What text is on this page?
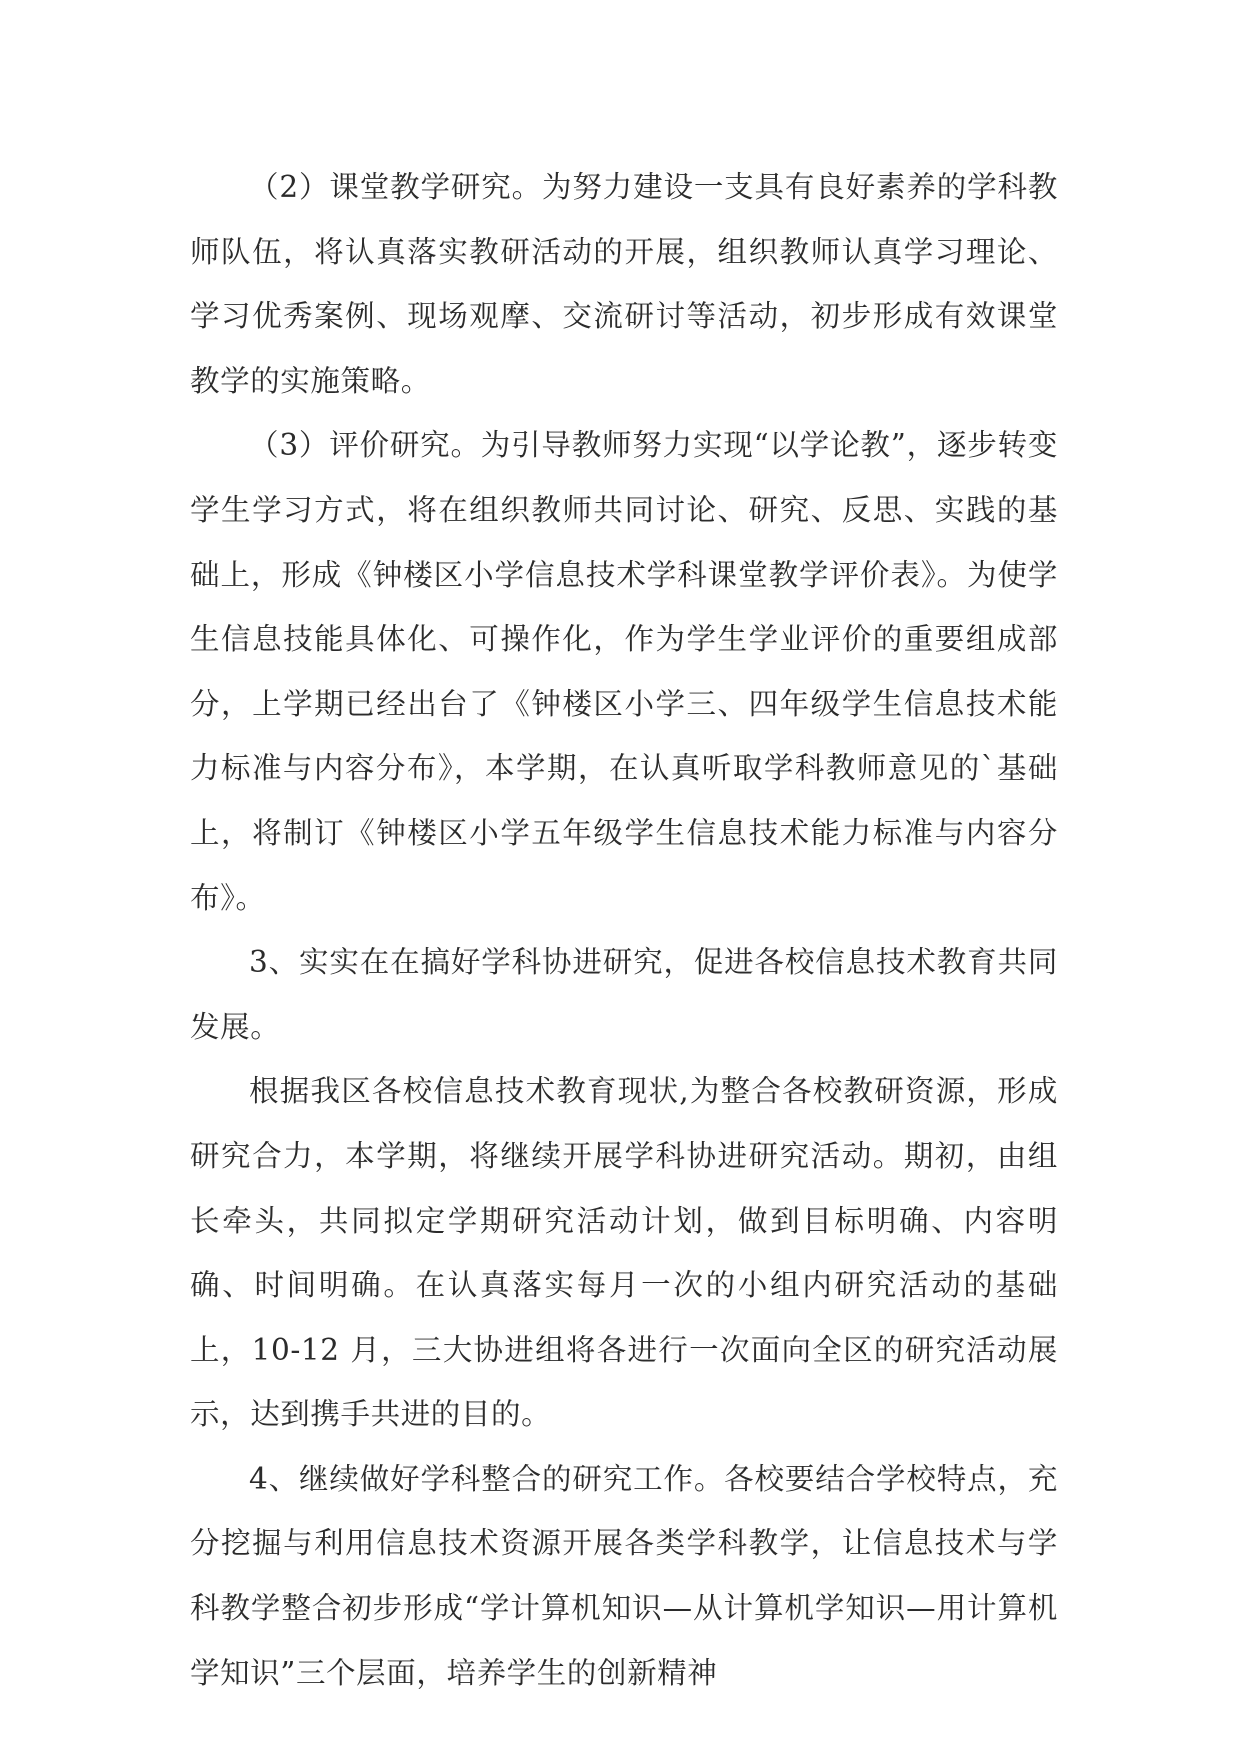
（2）课堂教学研究。为努力建设一支具有良好素养的学科教师队伍，将认真落实教研活动的开展，组织教师认真学习理论、学习优秀案例、现场观摩、交流研讨等活动，初步形成有效课堂教学的实施策略。

（3）评价研究。为引导教师努力实现“以学论教”，逐步转变学生学习方式，将在组织教师共同讨论、研究、反思、实践的基础上，形成《钟楼区小学信息技术学科课堂教学评价表》。为使学生信息技能具体化、可操作化，作为学生学业评价的重要组成部分，上学期已经出台了《钟楼区小学三、四年级学生信息技术能力标准与内容分布》，本学期，在认真听取学科教师意见的`基础上，将制订《钟楼区小学五年级学生信息技术能力标准与内容分布》。

3、实实在在搞好学科协进研究，促进各校信息技术教育共同发展。

根据我区各校信息技术教育现状,为整合各校教研资源，形成研究合力，本学期，将继续开展学科协进研究活动。期初，由组长牵头，共同拟定学期研究活动计划，做到目标明确、内容明确、时间明确。在认真落实每月一次的小组内研究活动的基础上，10-12 月，三大协进组将各进行一次面向全区的研究活动展示，达到携手共进的目的。

4、继续做好学科整合的研究工作。各校要结合学校特点，充分挖掘与利用信息技术资源开展各类学科教学，让信息技术与学科教学整合初步形成“学计算机知识—从计算机学知识—用计算机学知识”三个层面，培养学生的创新精神
